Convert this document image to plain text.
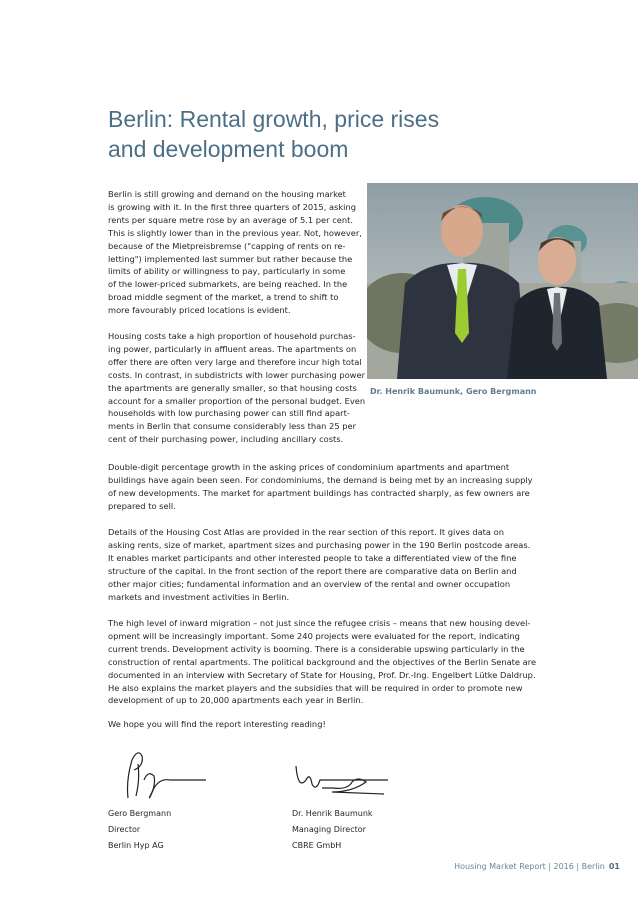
Berlin: Rental growth, price rises
and development boom
Berlin is still growing and demand on the housing market
is growing with it. In the first three quarters of 2015, asking
rents per square metre rose by an average of 5.1 per cent.
This is slightly lower than in the previous year. Not, however,
because of the Mietpreisbremse ("capping of rents on re-
letting") implemented last summer but rather because the
limits of ability or willingness to pay, particularly in some
of the lower-priced submarkets, are being reached. In the
broad middle segment of the market, a trend to shift to
more favourably priced locations is evident.
Housing costs take a high proportion of household purchas-
ing power, particularly in affluent areas. The apartments on
offer there are often very large and therefore incur high total
costs. In contrast, in subdistricts with lower purchasing power
the apartments are generally smaller, so that housing costs
account for a smaller proportion of the personal budget. Even
households with low purchasing power can still find apart-
ments in Berlin that consume considerably less than 25 per
cent of their purchasing power, including ancillary costs.
Dr. Henrik Baumunk, Gero Bergmann
Double-digit percentage growth in the asking prices of condominium apartments and apartment
buildings have again been seen. For condominiums, the demand is being met by an increasing supply
of new developments. The market for apartment buildings has contracted sharply, as few owners are
prepared to sell.
Details of the Housing Cost Atlas are provided in the rear section of this report. It gives data on
asking rents, size of market, apartment sizes and purchasing power in the 190 Berlin postcode areas.
It enables market participants and other interested people to take a differentiated view of the fine
structure of the capital. In the front section of the report there are comparative data on Berlin and
other major cities; fundamental information and an overview of the rental and owner occupation
markets and investment activities in Berlin.
The high level of inward migration – not just since the refugee crisis – means that new housing devel-
opment will be increasingly important. Some 240 projects were evaluated for the report, indicating
current trends. Development activity is booming. There is a considerable upswing particularly in the
construction of rental apartments. The political background and the objectives of the Berlin Senate are
documented in an interview with Secretary of State for Housing, Prof. Dr.-Ing. Engelbert Lütke Daldrup.
He also explains the market players and the subsidies that will be required in order to promote new
development of up to 20,000 apartments each year in Berlin.
We hope you will find the report interesting reading!
Gero Bergmann
Director
Berlin Hyp AG
Dr. Henrik Baumunk
Managing Director
CBRE GmbH
Housing Market Report | 2016 | Berlin 01
